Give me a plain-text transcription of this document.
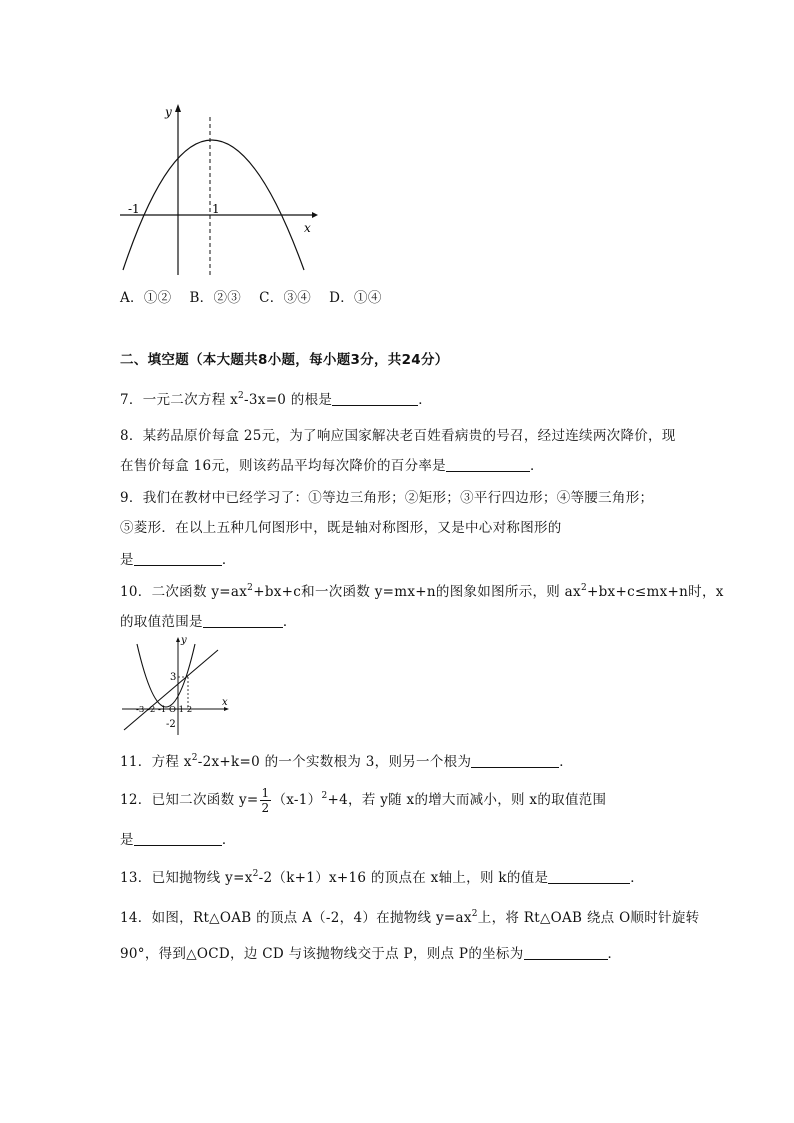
y
x
-1	1
A．①② B．②③ C．③④ D．①④
二、填空题（本大题共8小题，每小题3分，共24分）
7．一元二次方程 $x^2-3x=0$ 的根是	．
8．某药品原价每盒 25元，为了响应国家解决老百姓看病贵的号召，经过连续两次降价，现
在售价每盒 16元，则该药品平均每次降价的百分率是	．
9．我们在教材中已经学习了：①等边三角形；②矩形；③平行四边形；④等腰三角形；
⑤菱形．在以上五种几何图形中，既是轴对称图形，又是中心对称图形的
是	．
10．二次函数 $y=ax^2+bx+c$和一次函数 y=mx+n的图象如图所示，则 $ax^2+bx+c\le mx+n$时，x
的取值范围是	．
y
x
3
-2
-3 -2 -1 O 1 2
11．方程 $x^2-2x+k=0$ 的一个实数根为 3，则另一个根为	．
12．已知二次函数 $y= \frac{1}{2} (x-1)^2+4$，若 y随 x的增大而减小，则 x的取值范围
是	．
13．已知抛物线 $y=x^2-2(k+1)x+16$ 的顶点在 x轴上，则 k的值是	．
14．如图，Rt△OAB 的顶点 A（-2，4）在抛物线 $y=ax^2$上，将 Rt△OAB 绕点 O顺时针旋转
90°，得到△OCD，边 CD 与该抛物线交于点 P，则点 P的坐标为	．
